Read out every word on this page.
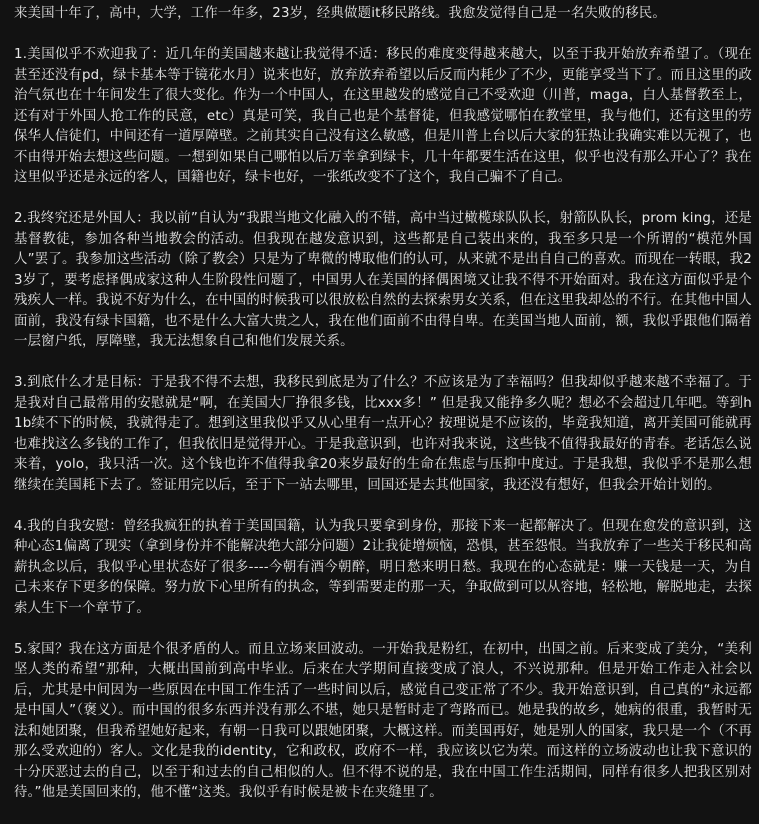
来美国十年了，高中，大学，工作一年多，23岁，经典做题it移民路线。我愈发觉得自己是一名失败的移民。

1.美国似乎不欢迎我了：近几年的美国越来越让我觉得不适：移民的难度变得越来越大，以至于我开始放弃希望了。（现在甚至还没有pd，绿卡基本等于镜花水月）说来也好，放弃放弃希望以后反而内耗少了不少，更能享受当下了。而且这里的政治气氛也在十年间发生了很大变化。作为一个中国人，在这里越发的感觉自己不受欢迎（川普，maga，白人基督教至上，还有对于外国人抢工作的民意，etc）真是可笑，我自己也是个基督徒，但我感觉哪怕在教堂里，我与他们，还有这里的劳保华人信徒们，中间还有一道厚障壁。之前其实自己没有这么敏感，但是川普上台以后大家的狂热让我确实难以无视了，也不由得开始去想这些问题。一想到如果自己哪怕以后万幸拿到绿卡，几十年都要生活在这里，似乎也没有那么开心了？我在这里似乎还是永远的客人，国籍也好，绿卡也好，一张纸改变不了这个，我自己骗不了自己。

2.我终究还是外国人：我以前”自认为“我跟当地文化融入的不错，高中当过橄榄球队队长，射箭队队长，prom king，还是基督教徒，参加各种当地教会的活动。但我现在越发意识到，这些都是自己装出来的，我至多只是一个所谓的“模范外国人”罢了。我参加这些活动（除了教会）只是为了卑微的博取他们的认可，从来就不是出自自己的喜欢。而现在一转眼，我23岁了，要考虑择偶成家这种人生阶段性问题了，中国男人在美国的择偶困境又让我不得不开始面对。我在这方面似乎是个残疾人一样。我说不好为什么，在中国的时候我可以很放松自然的去探索男女关系，但在这里我却怂的不行。在其他中国人面前，我没有绿卡国籍，也不是什么大富大贵之人，我在他们面前不由得自卑。在美国当地人面前，额，我似乎跟他们隔着一层窗户纸，厚障壁，我无法想象自己和他们发展关系。

3.到底什么才是目标：于是我不得不去想，我移民到底是为了什么？不应该是为了幸福吗？但我却似乎越来越不幸福了。于是我对自己最常用的安慰就是“啊，在美国大厂挣很多钱，比xxx多！” 但是我又能挣多久呢？想必不会超过几年吧。等到h1b续不下的时候，我就得走了。想到这里我似乎又从心里有一点开心？按理说是不应该的，毕竟我知道，离开美国可能就再也难找这么多钱的工作了，但我依旧是觉得开心。于是我意识到，也许对我来说，这些钱不值得我最好的青春。老话怎么说来着，yolo，我只活一次。这个钱也许不值得我拿20来岁最好的生命在焦虑与压抑中度过。于是我想，我似乎不是那么想继续在美国耗下去了。签证用完以后，至于下一站去哪里，回国还是去其他国家，我还没有想好，但我会开始计划的。

4.我的自我安慰：曾经我疯狂的执着于美国国籍，认为我只要拿到身份，那接下来一起都解决了。但现在愈发的意识到，这种心态1偏离了现实（拿到身份并不能解决绝大部分问题）2让我徒增烦恼，恐惧，甚至怨恨。当我放弃了一些关于移民和高薪执念以后，我似乎心里状态好了很多----今朝有酒今朝醉，明日愁来明日愁。我现在的心态就是：赚一天钱是一天，为自己未来存下更多的保障。努力放下心里所有的执念，等到需要走的那一天，争取做到可以从容地，轻松地，解脱地走，去探索人生下一个章节了。

5.家国？我在这方面是个很矛盾的人。而且立场来回波动。一开始我是粉红，在初中，出国之前。后来变成了美分，“美利坚人类的希望”那种，大概出国前到高中毕业。后来在大学期间直接变成了浪人，不兴说那种。但是开始工作走入社会以后，尤其是中间因为一些原因在中国工作生活了一些时间以后，感觉自己变正常了不少。我开始意识到，自己真的“永远都是中国人”（褒义）。而中国的很多东西并没有那么不堪，她只是暂时走了弯路而已。她是我的故乡，她病的很重，我暂时无法和她团聚，但我希望她好起来，有朝一日我可以跟她团聚，大概这样。而美国再好，她是别人的国家，我只是一个（不再那么受欢迎的）客人。文化是我的identity，它和政权，政府不一样，我应该以它为荣。而这样的立场波动也让我下意识的十分厌恶过去的自己，以至于和过去的自己相似的人。但不得不说的是，我在中国工作生活期间，同样有很多人把我区别对待。”他是美国回来的，他不懂“这类。我似乎有时候是被卡在夹缝里了。
